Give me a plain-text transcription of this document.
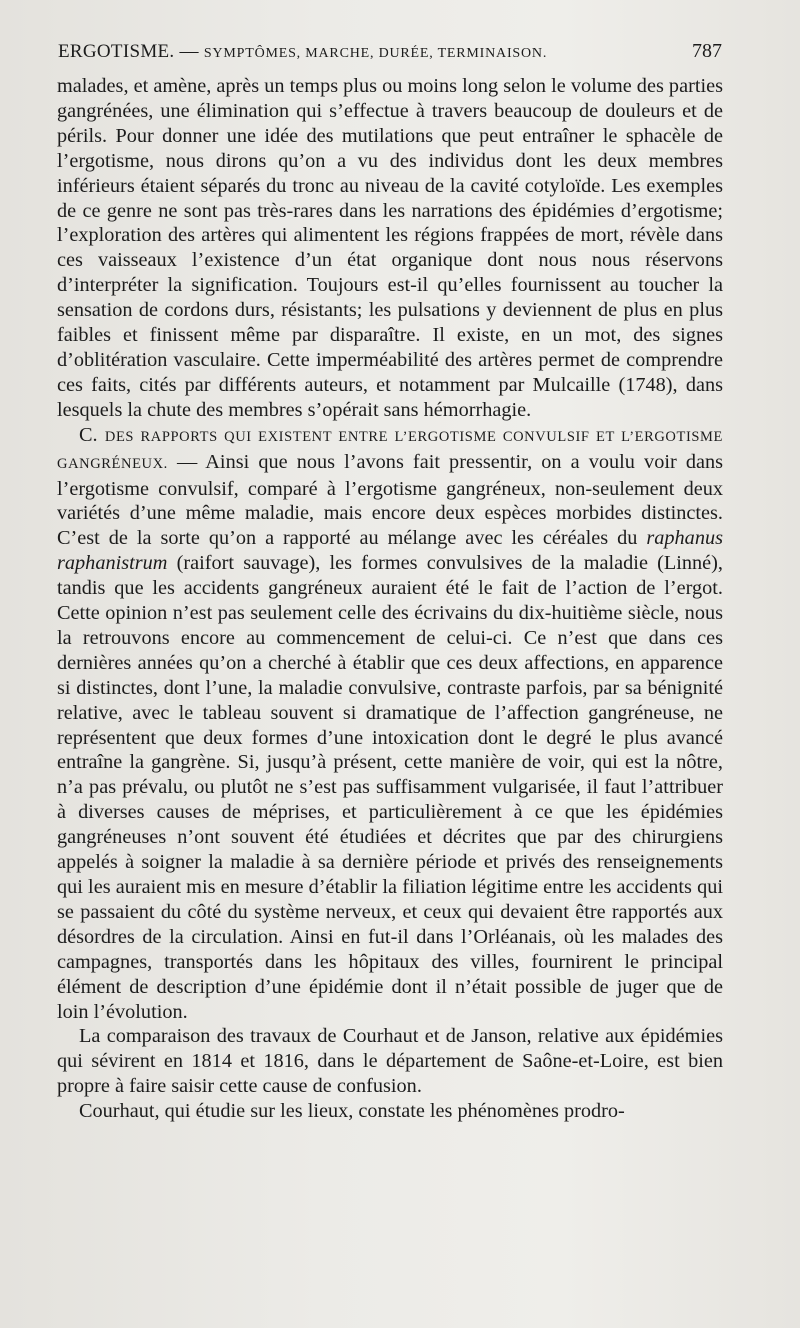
ERGOTISME. — SYMPTÔMES, MARCHE, DURÉE, TERMINAISON.	787

malades, et amène, après un temps plus ou moins long selon le volume des parties gangrénées, une élimination qui s’effectue à travers beaucoup de douleurs et de périls. Pour donner une idée des mutilations que peut entraîner le sphacèle de l’ergotisme, nous dirons qu’on a vu des individus dont les deux membres inférieurs étaient séparés du tronc au niveau de la cavité cotyloïde. Les exemples de ce genre ne sont pas très-rares dans les narrations des épidémies d’ergotisme; l’exploration des artères qui alimentent les régions frappées de mort, révèle dans ces vaisseaux l’existence d’un état organique dont nous nous réservons d’interpréter la signification. Toujours est-il qu’elles fournissent au toucher la sensation de cordons durs, résistants; les pulsations y deviennent de plus en plus faibles et finissent même par disparaître. Il existe, en un mot, des signes d’oblitération vasculaire. Cette imperméabilité des artères permet de comprendre ces faits, cités par différents auteurs, et notamment par Mulcaille (1748), dans lesquels la chute des membres s’opérait sans hémorrhagie.

C. DES RAPPORTS QUI EXISTENT ENTRE L’ERGOTISME CONVULSIF ET L’ERGOTISME GANGRÉNEUX. — Ainsi que nous l’avons fait pressentir, on a voulu voir dans l’ergotisme convulsif, comparé à l’ergotisme gangréneux, non-seulement deux variétés d’une même maladie, mais encore deux espèces morbides distinctes. C’est de la sorte qu’on a rapporté au mélange avec les céréales du raphanus raphanistrum (raifort sauvage), les formes convulsives de la maladie (Linné), tandis que les accidents gangréneux auraient été le fait de l’action de l’ergot. Cette opinion n’est pas seulement celle des écrivains du dix-huitième siècle, nous la retrouvons encore au commencement de celui-ci. Ce n’est que dans ces dernières années qu’on a cherché à établir que ces deux affections, en apparence si distinctes, dont l’une, la maladie convulsive, contraste parfois, par sa bénignité relative, avec le tableau souvent si dramatique de l’affection gangréneuse, ne représentent que deux formes d’une intoxication dont le degré le plus avancé entraîne la gangrène. Si, jusqu’à présent, cette manière de voir, qui est la nôtre, n’a pas prévalu, ou plutôt ne s’est pas suffisamment vulgarisée, il faut l’attribuer à diverses causes de méprises, et particulièrement à ce que les épidémies gangréneuses n’ont souvent été étudiées et décrites que par des chirurgiens appelés à soigner la maladie à sa dernière période et privés des renseignements qui les auraient mis en mesure d’établir la filiation légitime entre les accidents qui se passaient du côté du système nerveux, et ceux qui devaient être rapportés aux désordres de la circulation. Ainsi en fut-il dans l’Orléanais, où les malades des campagnes, transportés dans les hôpitaux des villes, fournirent le principal élément de description d’une épidémie dont il n’était possible de juger que de loin l’évolution.

La comparaison des travaux de Courhaut et de Janson, relative aux épidémies qui sévirent en 1814 et 1816, dans le département de Saône-et-Loire, est bien propre à faire saisir cette cause de confusion.

Courhaut, qui étudie sur les lieux, constate les phénomènes prodro-
